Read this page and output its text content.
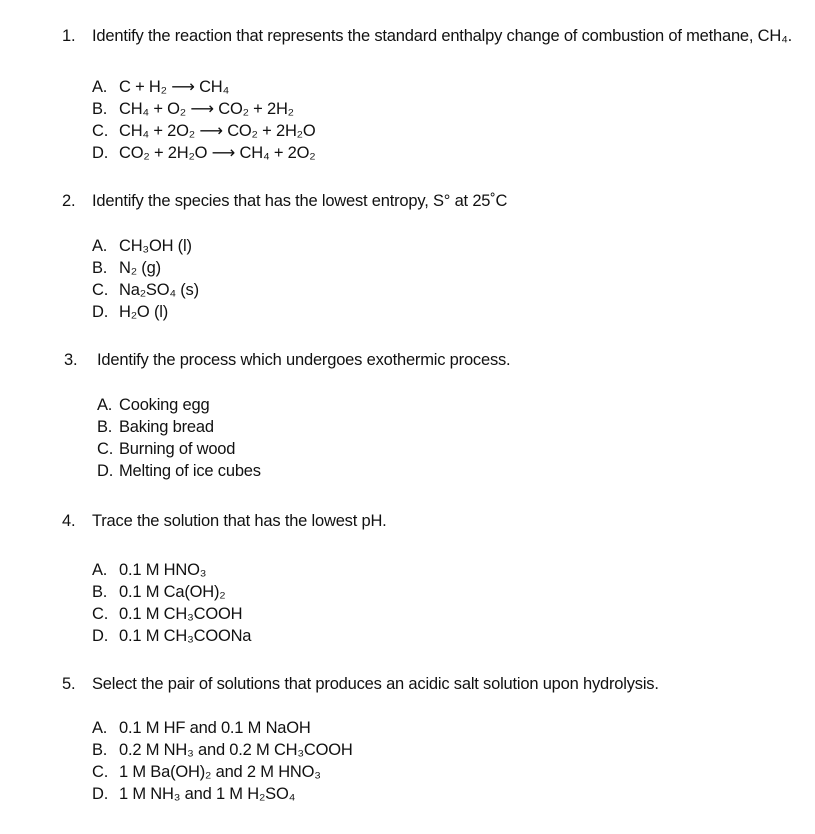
1. Identify the reaction that represents the standard enthalpy change of combustion of methane, CH₄.
A. C + H₂ ⟶ CH₄
B. CH₄ + O₂ ⟶ CO₂ + 2H₂
C. CH₄ + 2O₂ ⟶ CO₂ + 2H₂O
D. CO₂ + 2H₂O ⟶ CH₄ + 2O₂
2. Identify the species that has the lowest entropy, S° at 25˚C
A. CH₃OH (l)
B. N₂ (g)
C. Na₂SO₄ (s)
D. H₂O (l)
3. Identify the process which undergoes exothermic process.
A. Cooking egg
B. Baking bread
C. Burning of wood
D. Melting of ice cubes
4. Trace the solution that has the lowest pH.
A. 0.1 M HNO₃
B. 0.1 M Ca(OH)₂
C. 0.1 M CH₃COOH
D. 0.1 M CH₃COONa
5. Select the pair of solutions that produces an acidic salt solution upon hydrolysis.
A. 0.1 M HF and 0.1 M NaOH
B. 0.2 M NH₃ and 0.2 M CH₃COOH
C. 1 M Ba(OH)₂ and 2 M HNO₃
D. 1 M NH₃ and 1 M H₂SO₄
